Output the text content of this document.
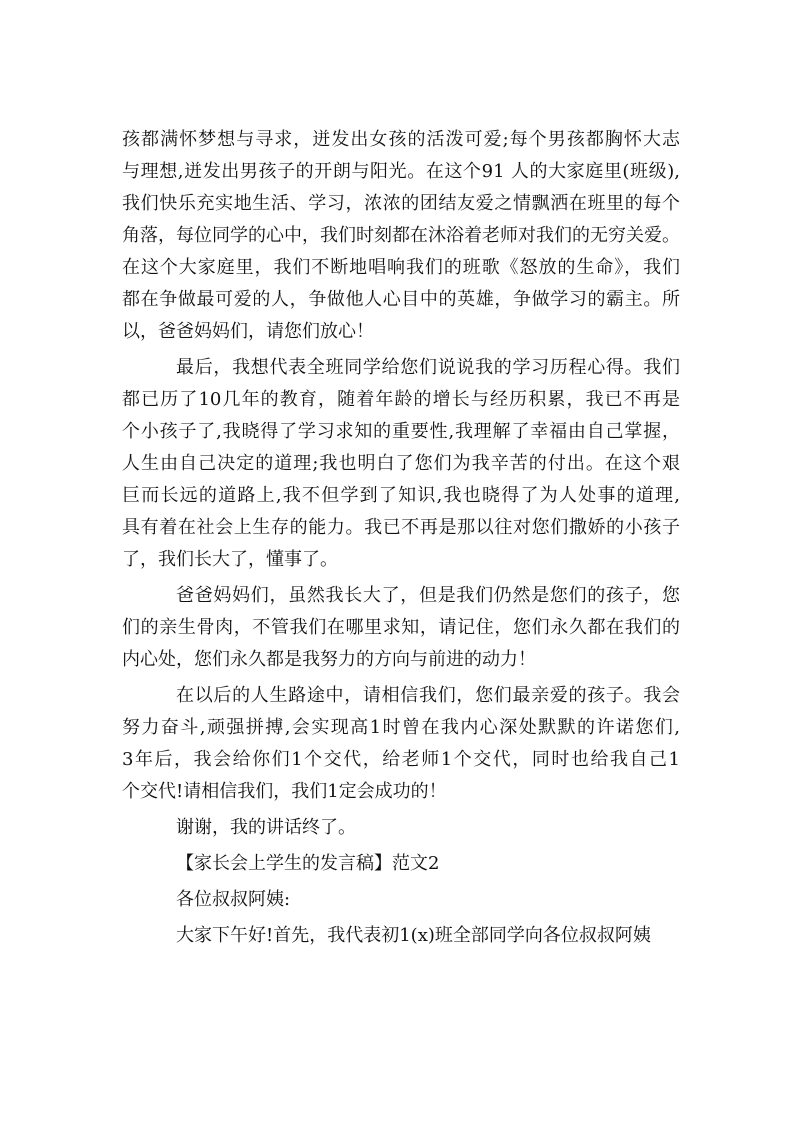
孩都满怀梦想与寻求，迸发出女孩的活泼可爱;每个男孩都胸怀大志
与理想,迸发出男孩子的开朗与阳光。在这个91 人的大家庭里(班级),
我们快乐充实地生活、学习，浓浓的团结友爱之情飘洒在班里的每个
角落，每位同学的心中，我们时刻都在沐浴着老师对我们的无穷关爱。
在这个大家庭里，我们不断地唱响我们的班歌《怒放的生命》，我们
都在争做最可爱的人，争做他人心目中的英雄，争做学习的霸主。所
以，爸爸妈妈们，请您们放心！
最后，我想代表全班同学给您们说说我的学习历程心得。我们
都已历了10几年的教育，随着年龄的增长与经历积累，我已不再是
个小孩子了,我晓得了学习求知的重要性,我理解了幸福由自己掌握，
人生由自己决定的道理;我也明白了您们为我辛苦的付出。在这个艰
巨而长远的道路上,我不但学到了知识,我也晓得了为人处事的道理,
具有着在社会上生存的能力。我已不再是那以往对您们撒娇的小孩子
了，我们长大了，懂事了。
爸爸妈妈们，虽然我长大了，但是我们仍然是您们的孩子，您
们的亲生骨肉，不管我们在哪里求知，请记住，您们永久都在我们的
内心处，您们永久都是我努力的方向与前进的动力！
在以后的人生路途中，请相信我们，您们最亲爱的孩子。我会
努力奋斗,顽强拼搏,会实现高1时曾在我内心深处默默的许诺您们,
3年后，我会给你们1个交代，给老师1个交代，同时也给我自己1
个交代!请相信我们，我们1定会成功的！
谢谢，我的讲话终了。
【家长会上学生的发言稿】范文2
各位叔叔阿姨:
大家下午好!首先，我代表初1(x)班全部同学向各位叔叔阿姨
